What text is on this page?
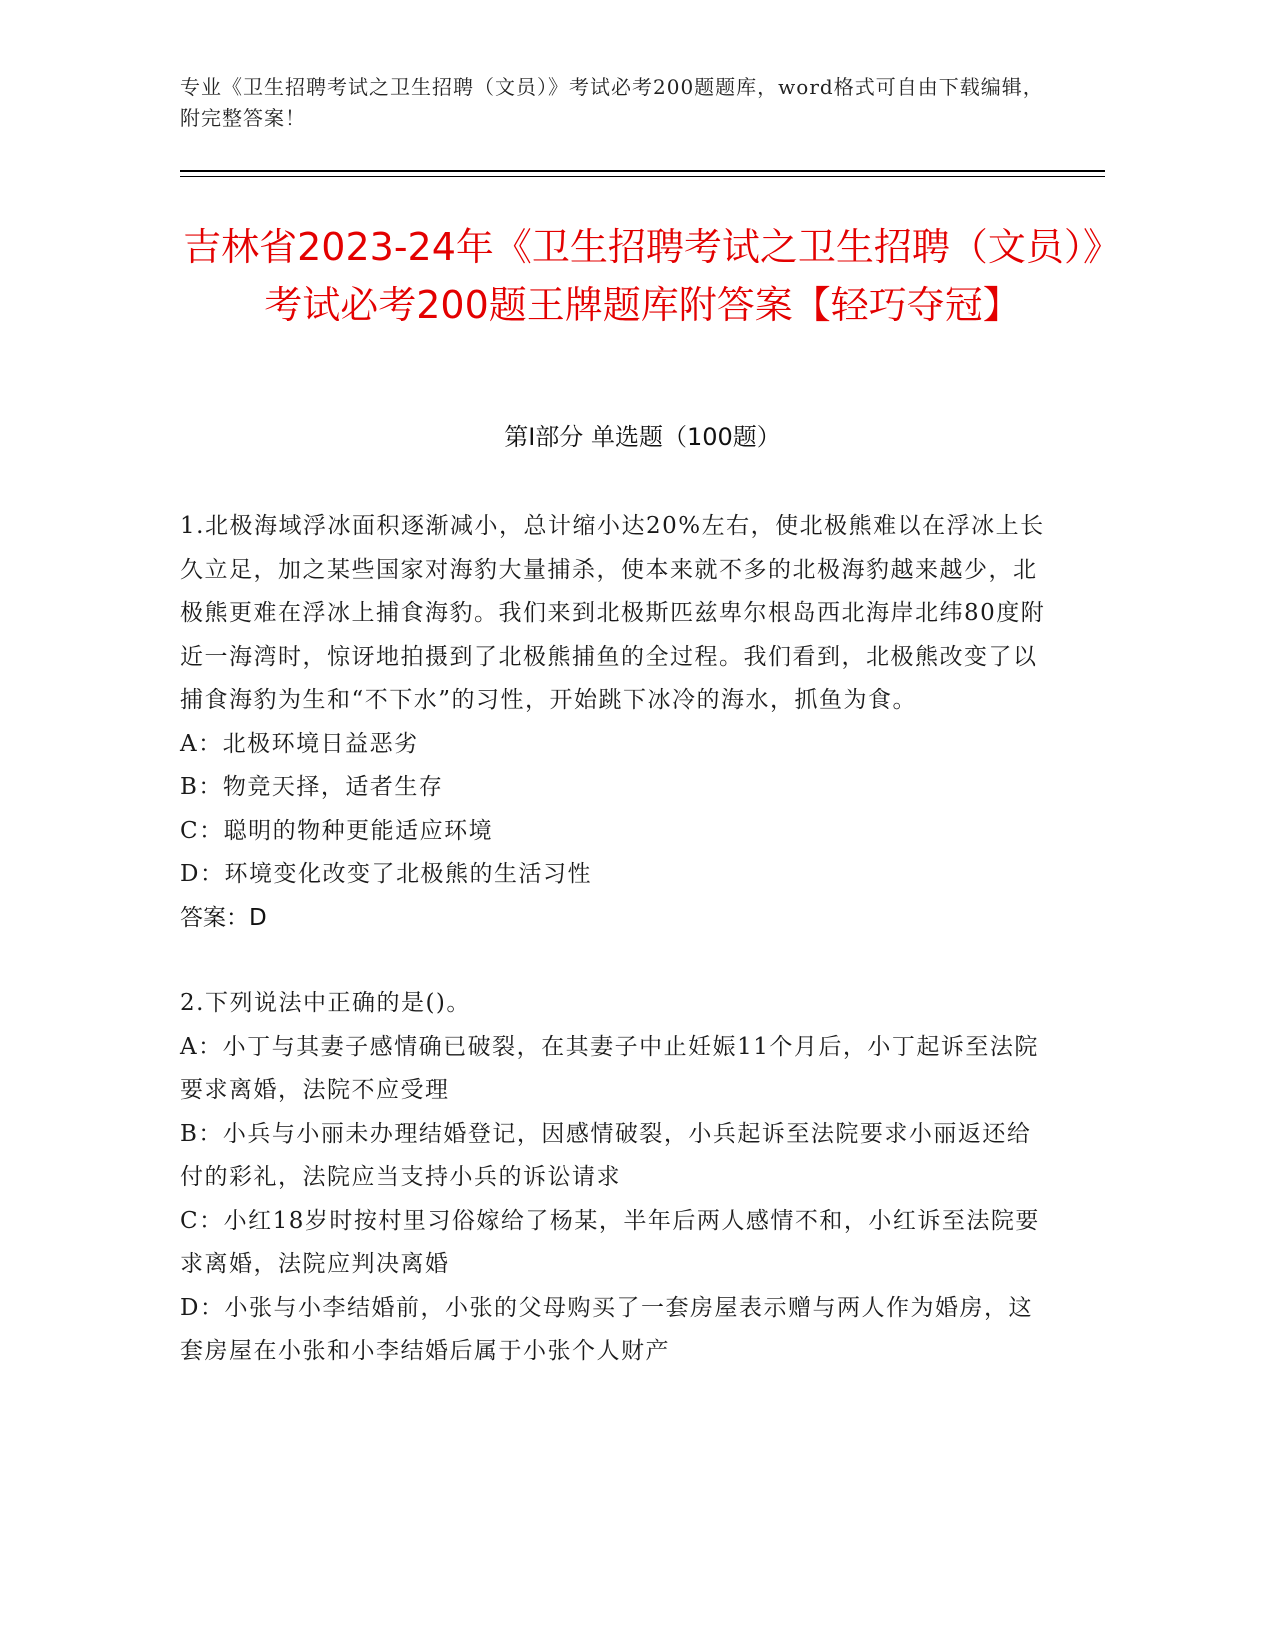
专业《卫生招聘考试之卫生招聘（文员）》考试必考200题题库，word格式可自由下载编辑，附完整答案！
吉林省2023-24年《卫生招聘考试之卫生招聘（文员）》考试必考200题王牌题库附答案【轻巧夺冠】
第Ⅰ部分 单选题（100题）

1.北极海域浮冰面积逐渐减小，总计缩小达20%左右，使北极熊难以在浮冰上长久立足，加之某些国家对海豹大量捕杀，使本来就不多的北极海豹越来越少，北极熊更难在浮冰上捕食海豹。我们来到北极斯匹兹卑尔根岛西北海岸北纬80度附近一海湾时，惊讶地拍摄到了北极熊捕鱼的全过程。我们看到，北极熊改变了以捕食海豹为生和“不下水”的习性，开始跳下冰冷的海水，抓鱼为食。

A：北极环境日益恶劣

B：物竞天择，适者生存

C：聪明的物种更能适应环境

D：环境变化改变了北极熊的生活习性

答案：D

2.下列说法中正确的是()。

A：小丁与其妻子感情确已破裂，在其妻子中止妊娠11个月后，小丁起诉至法院要求离婚，法院不应受理

B：小兵与小丽未办理结婚登记，因感情破裂，小兵起诉至法院要求小丽返还给付的彩礼，法院应当支持小兵的诉讼请求

C：小红18岁时按村里习俗嫁给了杨某，半年后两人感情不和，小红诉至法院要求离婚，法院应判决离婚

D：小张与小李结婚前，小张的父母购买了一套房屋表示赠与两人作为婚房，这套房屋在小张和小李结婚后属于小张个人财产
